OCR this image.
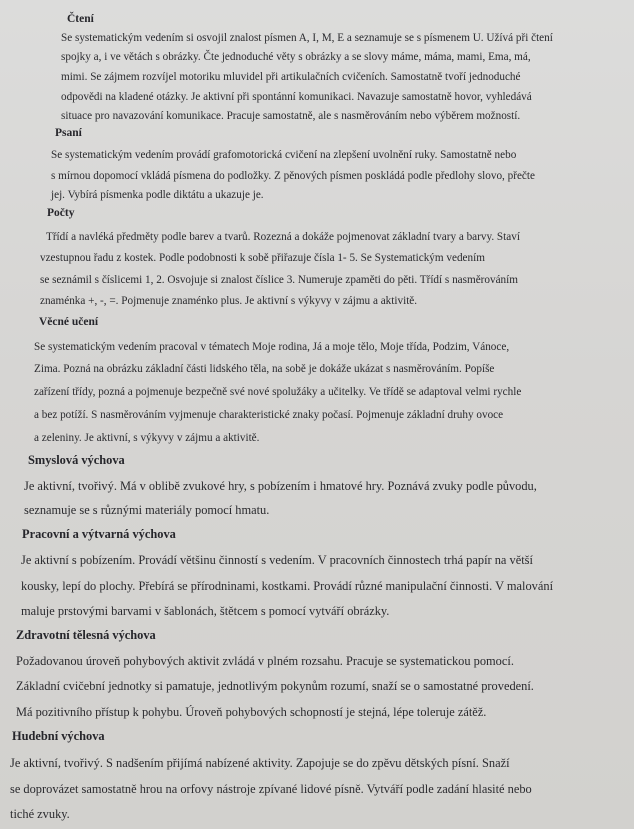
Čtení
Se systematickým vedením si osvojil znalost písmen A, I, M, E a seznamuje se s písmenem U. Užívá při čtení
spojky a, i ve větách s obrázky. Čte jednoduché věty s obrázky a se slovy máme, máma, mami, Ema, má,
mimi. Se zájmem rozvíjel motoriku mluvidel při artikulačních cvičeních. Samostatně tvoří jednoduché
odpovědi na kladené otázky. Je aktivní při spontánní komunikaci. Navazuje samostatně hovor, vyhledává
situace pro navazování komunikace. Pracuje samostatně, ale s nasměrováním nebo výběrem možností.
Psaní
Se systematickým vedením provádí grafomotorická cvičení na zlepšení uvolnění ruky. Samostatně nebo
s mírnou dopomocí vkládá písmena do podložky. Z pěnových písmen poskládá podle předlohy slovo, přečte
jej. Vybírá písmenka podle diktátu a ukazuje je.
Počty
Třídí a navléká předměty podle barev a tvarů. Rozezná a dokáže pojmenovat základní tvary a barvy. Staví
vzestupnou řadu z kostek. Podle podobnosti k sobě přiřazuje čísla 1- 5. Se Systematickým vedením
se seznámil s číslicemi 1, 2. Osvojuje si znalost číslice 3. Numeruje zpaměti do pěti. Třídí s nasměrováním
znaménka +, -, =. Pojmenuje znaménko plus. Je aktivní s výkyvy v zájmu a aktivitě.
Věcné učení
Se systematickým vedením pracoval v tématech Moje rodina, Já a moje tělo, Moje třída, Podzim, Vánoce,
Zima. Pozná na obrázku základní části lidského těla, na sobě je dokáže ukázat s nasměrováním. Popíše
zařízení třídy, pozná a pojmenuje bezpečně své nové spolužáky a učitelky. Ve třídě se adaptoval velmi rychle
a bez potíží. S nasměrováním vyjmenuje charakteristické znaky počasí. Pojmenuje základní druhy ovoce
a zeleniny. Je aktivní, s výkyvy v zájmu a aktivitě.
Smyslová výchova
Je aktivní, tvořivý. Má v oblibě zvukové hry, s pobízením i hmatové hry. Poznává zvuky podle původu,
seznamuje se s různými materiály pomocí hmatu.
Pracovní a výtvarná výchova
Je aktivní s pobízením. Provádí většinu činností s vedením. V pracovních činnostech trhá papír na větší
kousky, lepí do plochy. Přebírá se přírodninami, kostkami. Provádí různé manipulační činnosti. V malování
maluje prstovými barvami v šablonách, štětcem s pomocí vytváří obrázky.
Zdravotní tělesná výchova
Požadovanou úroveň pohybových aktivit zvládá v plném rozsahu. Pracuje se systematickou pomocí.
Základní cvičební jednotky si pamatuje, jednotlivým pokynům rozumí, snaží se o samostatné provedení.
Má pozitivního přístup k pohybu. Úroveň pohybových schopností je stejná, lépe toleruje zátěž.
Hudební výchova
Je aktivní, tvořivý. S nadšením přijímá nabízené aktivity. Zapojuje se do zpěvu dětských písní. Snaží
se doprovázet samostatně hrou na orfovy nástroje zpívané lidové písně. Vytváří podle zadání hlasité nebo
tiché zvuky.
